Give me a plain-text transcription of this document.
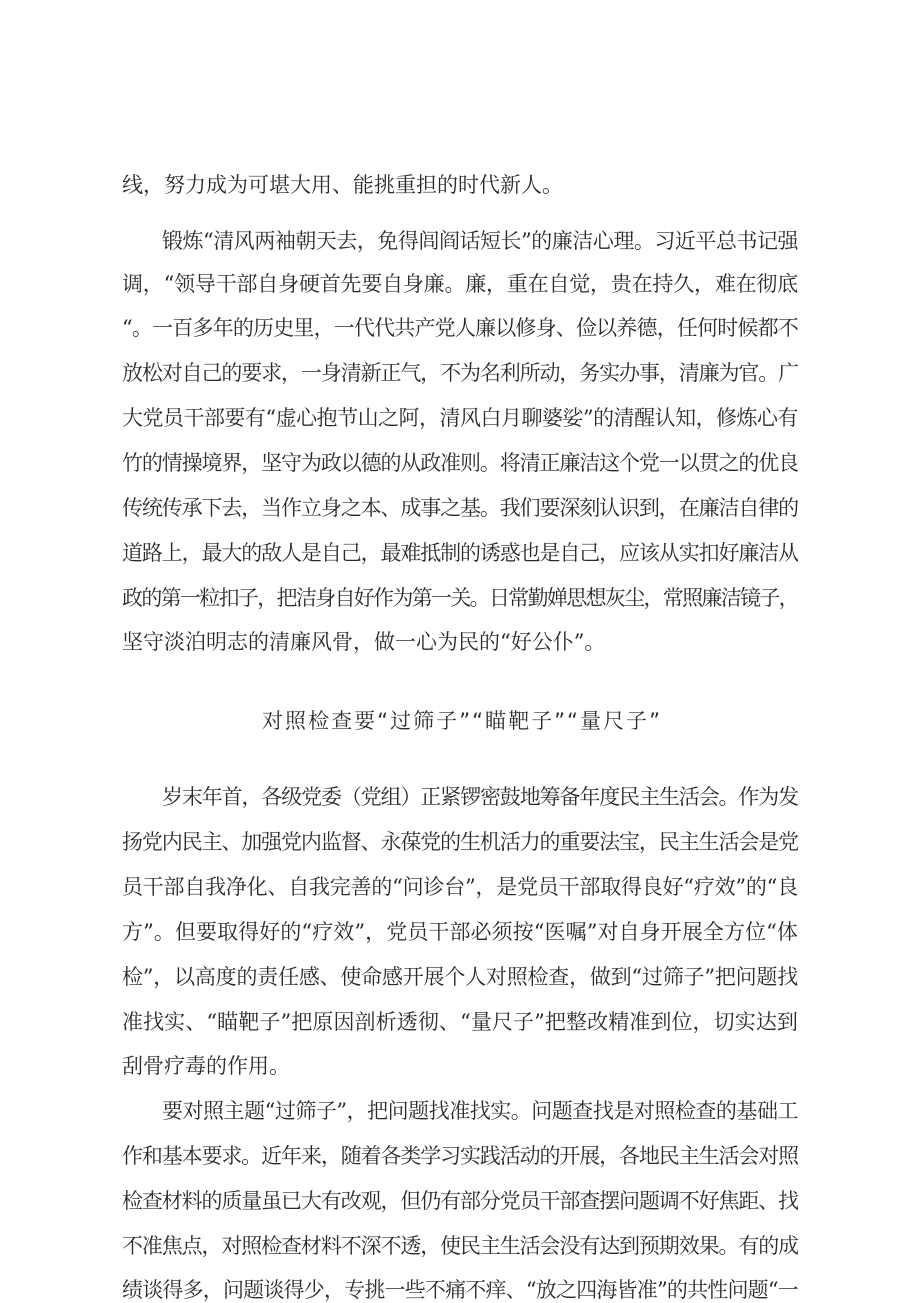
线，努力成为可堪大用、能挑重担的时代新人。
锻炼“清风两袖朝天去，免得闾阎话短长”的廉洁心理。习近平总书记强
调，“领导干部自身硬首先要自身廉。廉，重在自觉，贵在持久，难在彻底
“。一百多年的历史里，一代代共产党人廉以修身、俭以养德，任何时候都不
放松对自己的要求，一身清新正气，不为名利所动，务实办事，清廉为官。广
大党员干部要有“虚心抱节山之阿，清风白月聊婆娑”的清醒认知，修炼心有
竹的情操境界，坚守为政以德的从政准则。将清正廉洁这个党一以贯之的优良
传统传承下去，当作立身之本、成事之基。我们要深刻认识到，在廉洁自律的
道路上，最大的敌人是自己，最难抵制的诱惑也是自己，应该从实扣好廉洁从
政的第一粒扣子，把洁身自好作为第一关。日常勤婵思想灰尘，常照廉洁镜子，
坚守淡泊明志的清廉风骨，做一心为民的“好公仆”。
对照检查要“过筛子”“瞄靶子”“量尺子”
岁末年首，各级党委（党组）正紧锣密鼓地筹备年度民主生活会。作为发
扬党内民主、加强党内监督、永葆党的生机活力的重要法宝，民主生活会是党
员干部自我净化、自我完善的“问诊台”，是党员干部取得良好“疗效”的“良
方”。但要取得好的“疗效”，党员干部必须按“医嘱”对自身开展全方位“体
检”，以高度的责任感、使命感开展个人对照检查，做到“过筛子”把问题找
准找实、“瞄靶子”把原因剖析透彻、“量尺子”把整改精准到位，切实达到
刮骨疗毒的作用。
要对照主题“过筛子”，把问题找准找实。问题查找是对照检查的基础工
作和基本要求。近年来，随着各类学习实践活动的开展，各地民主生活会对照
检查材料的质量虽已大有改观，但仍有部分党员干部查摆问题调不好焦距、找
不准焦点，对照检查材料不深不透，使民主生活会没有达到预期效果。有的成
绩谈得多，问题谈得少，专挑一些不痛不痒、“放之四海皆准”的共性问题“一
